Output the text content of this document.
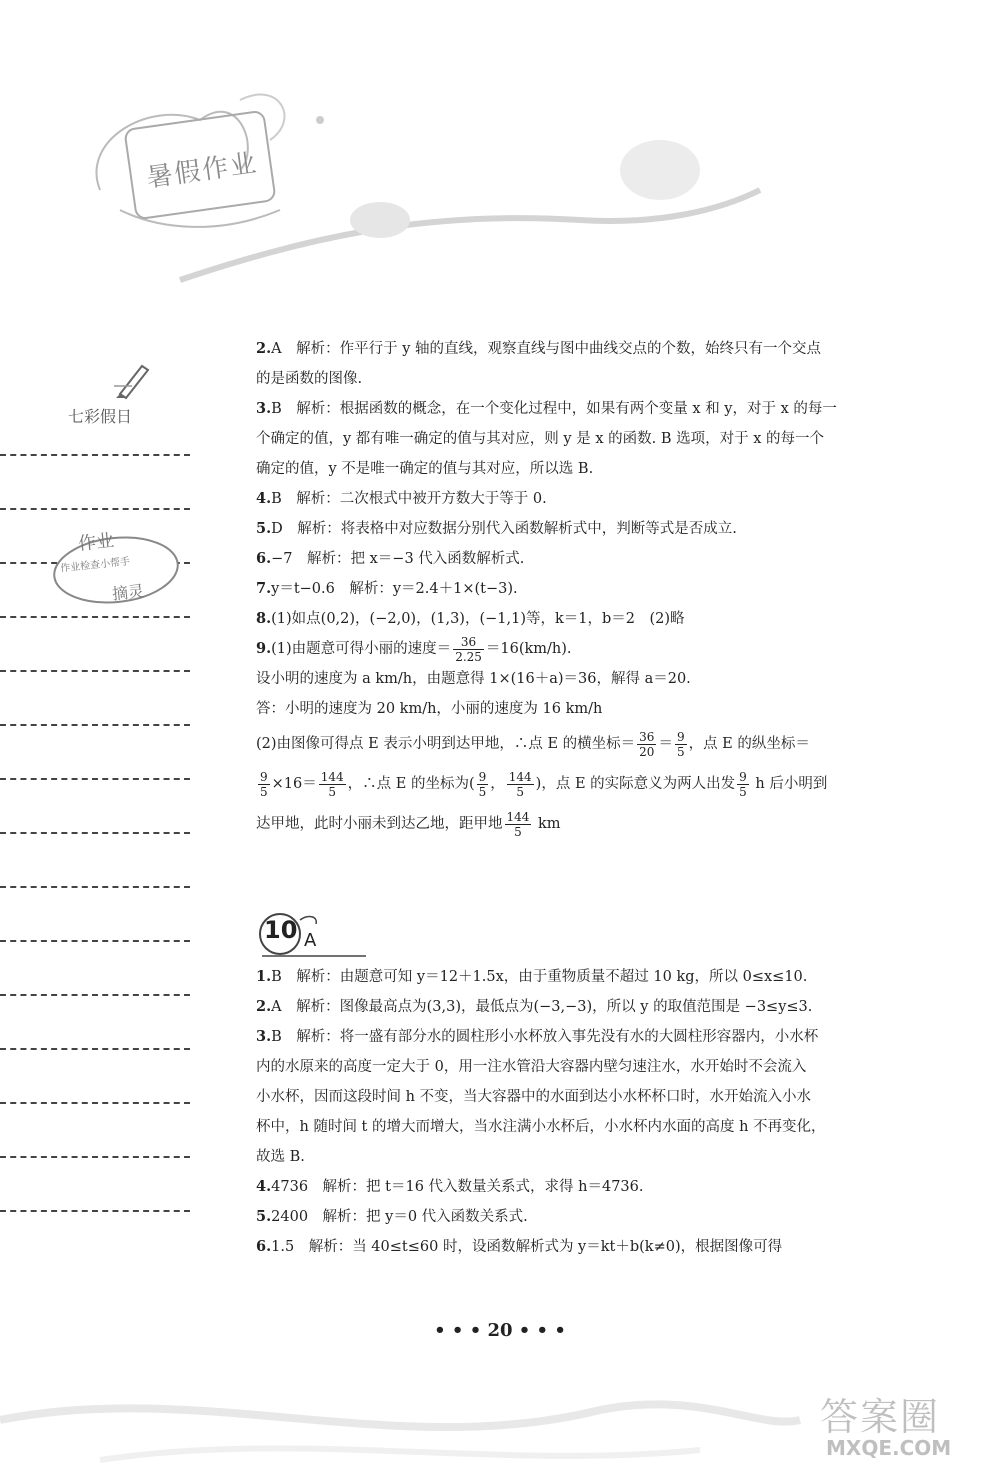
暑假作业
七彩假日
作业
作业检查小帮手
摘灵

2.A　解析：作平行于 y 轴的直线，观察直线与图中曲线交点的个数，始终只有一个交点

的是函数的图像.

3.B　解析：根据函数的概念，在一个变化过程中，如果有两个变量 x 和 y，对于 x 的每一

个确定的值，y 都有唯一确定的值与其对应，则 y 是 x 的函数. B 选项，对于 x 的每一个

确定的值，y 不是唯一确定的值与其对应，所以选 B.

4.B　解析：二次根式中被开方数大于等于 0.

5.D　解析：将表格中对应数据分别代入函数解析式中，判断等式是否成立.

6.−7　解析：把 x＝−3 代入函数解析式.

7.y＝t−0.6　解析：y＝2.4＋1×(t−3).

8.(1)如点(0,2)，(−2,0)，(1,3)，(−1,1)等，k＝1，b＝2　(2)略

9.(1)由题意可得小丽的速度＝ $\frac{36}{2.25} =16(km/h)$.

设小明的速度为 a km/h，由题意得 1×(16＋a)＝36，解得 a＝20.

答：小明的速度为 20 km/h，小丽的速度为 16 km/h

(2)由图像可得点 E 表示小明到达甲地，∴点 E 的横坐标＝ $\frac{36}{20} = \frac{9}{5}$ ，点 E 的纵坐标＝

$\frac{9}{5} \times 16= \frac{144}{5}$ ，∴点 E 的坐标为( $\frac{9}{5}$ ， $\frac{144}{5}$ )，点 E 的实际意义为两人出发 $\frac{9}{5}$ h 后小明到

达甲地，此时小丽未到达乙地，距甲地 $\frac{144}{5}$ km

10 A

1.B　解析：由题意可知 y＝12＋1.5x，由于重物质量不超过 10 kg，所以 0≤x≤10.

2.A　解析：图像最高点为(3,3)，最低点为(−3,−3)，所以 y 的取值范围是 −3≤y≤3.

3.B　解析：将一盛有部分水的圆柱形小水杯放入事先没有水的大圆柱形容器内，小水杯

内的水原来的高度一定大于 0，用一注水管沿大容器内壁匀速注水，水开始时不会流入

小水杯，因而这段时间 h 不变，当大容器中的水面到达小水杯杯口时，水开始流入小水

杯中，h 随时间 t 的增大而增大，当水注满小水杯后，小水杯内水面的高度 h 不再变化，

故选 B.

4.4736　解析：把 t＝16 代入数量关系式，求得 h＝4736.

5.2400　解析：把 y＝0 代入函数关系式.

6.1.5　解析：当 40≤t≤60 时，设函数解析式为 y＝kt＋b(k≠0)，根据图像可得

• • • 20 • • •
答案圈
MXQE.COM
